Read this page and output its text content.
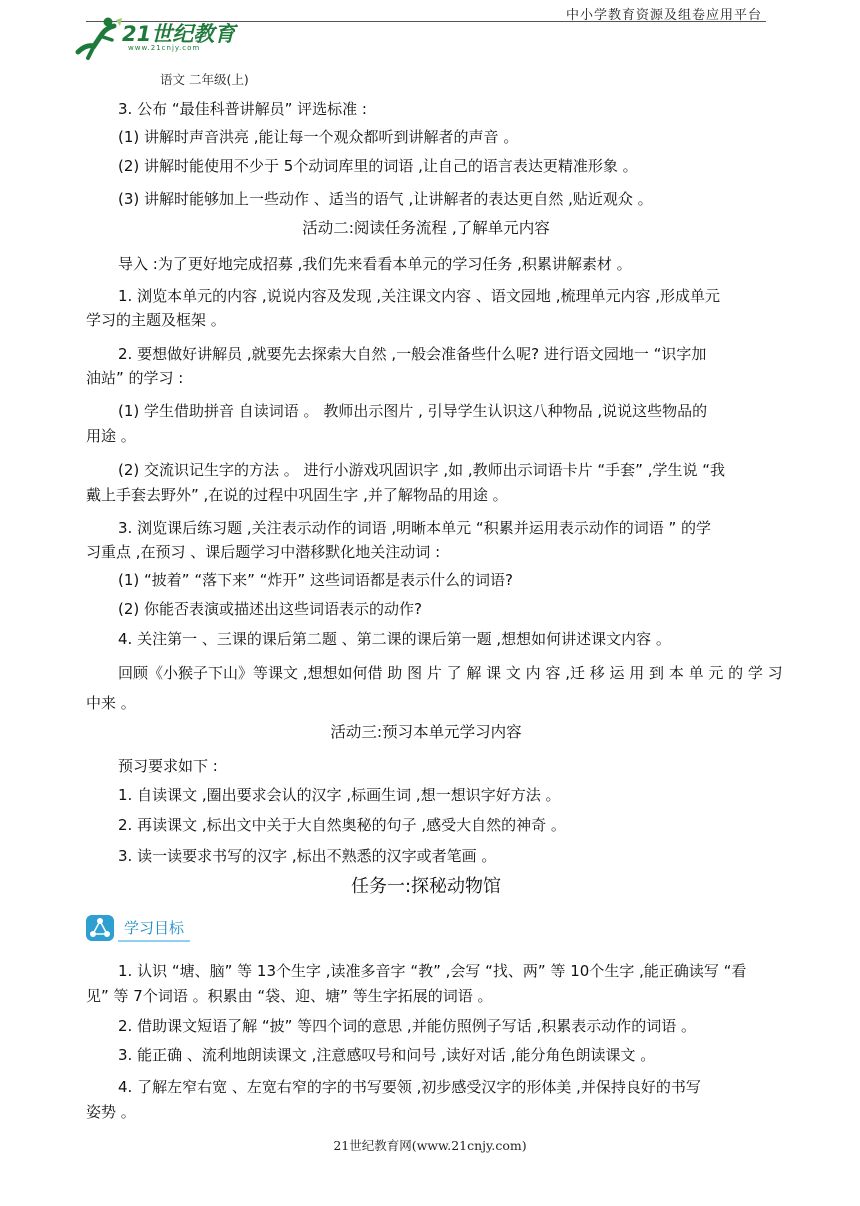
中小学教育资源及组卷应用平台
21世纪教育
www.21cnjy.com
语文 二年级(上)
3. 公布 “最佳科普讲解员” 评选标准 :
(1) 讲解时声音洪亮 ,能让每一个观众都听到讲解者的声音 。
(2) 讲解时能使用不少于 5个动词库里的词语 ,让自己的语言表达更精准形象 。
(3) 讲解时能够加上一些动作 、适当的语气 ,让讲解者的表达更自然 ,贴近观众 。
活动二:阅读任务流程 ,了解单元内容
导入 :为了更好地完成招募 ,我们先来看看本单元的学习任务 ,积累讲解素材 。
1. 浏览本单元的内容 ,说说内容及发现 ,关注课文内容 、语文园地 ,梳理单元内容 ,形成单元
学习的主题及框架 。
2. 要想做好讲解员 ,就要先去探索大自然 ,一般会准备些什么呢? 进行语文园地一 “识字加
油站” 的学习 :
(1) 学生借助拼音 自读词语 。 教师出示图片 , 引导学生认识这八种物品 ,说说这些物品的
用途 。
(2) 交流识记生字的方法 。 进行小游戏巩固识字 ,如 ,教师出示词语卡片 “手套” ,学生说 “我
戴上手套去野外” ,在说的过程中巩固生字 ,并了解物品的用途 。
3. 浏览课后练习题 ,关注表示动作的词语 ,明晰本单元 “积累并运用表示动作的词语 ” 的学
习重点 ,在预习 、课后题学习中潜移默化地关注动词 :
(1) “披着” “落下来” “炸开” 这些词语都是表示什么的词语?
(2) 你能否表演或描述出这些词语表示的动作?
4. 关注第一 、三课的课后第二题 、第二课的课后第一题 ,想想如何讲述课文内容 。
回顾《小猴子下山》等课文 ,想想如何借 助 图 片 了 解 课 文 内 容 ,迁 移 运 用 到 本 单 元 的 学 习
中来 。
活动三:预习本单元学习内容
预习要求如下 :
1. 自读课文 ,圈出要求会认的汉字 ,标画生词 ,想一想识字好方法 。
2. 再读课文 ,标出文中关于大自然奥秘的句子 ,感受大自然的神奇 。
3. 读一读要求书写的汉字 ,标出不熟悉的汉字或者笔画 。
任务一:探秘动物馆
学习目标
1. 认识 “塘、脑” 等 13个生字 ,读准多音字 “教” ,会写 “找、两” 等 10个生字 ,能正确读写 “看
见” 等 7个词语 。积累由 “袋、迎、塘” 等生字拓展的词语 。
2. 借助课文短语了解 “披” 等四个词的意思 ,并能仿照例子写话 ,积累表示动作的词语 。
3. 能正确 、流利地朗读课文 ,注意感叹号和问号 ,读好对话 ,能分角色朗读课文 。
4. 了解左窄右宽 、左宽右窄的字的书写要领 ,初步感受汉字的形体美 ,并保持良好的书写
姿势 。
21世纪教育网(www.21cnjy.com)
